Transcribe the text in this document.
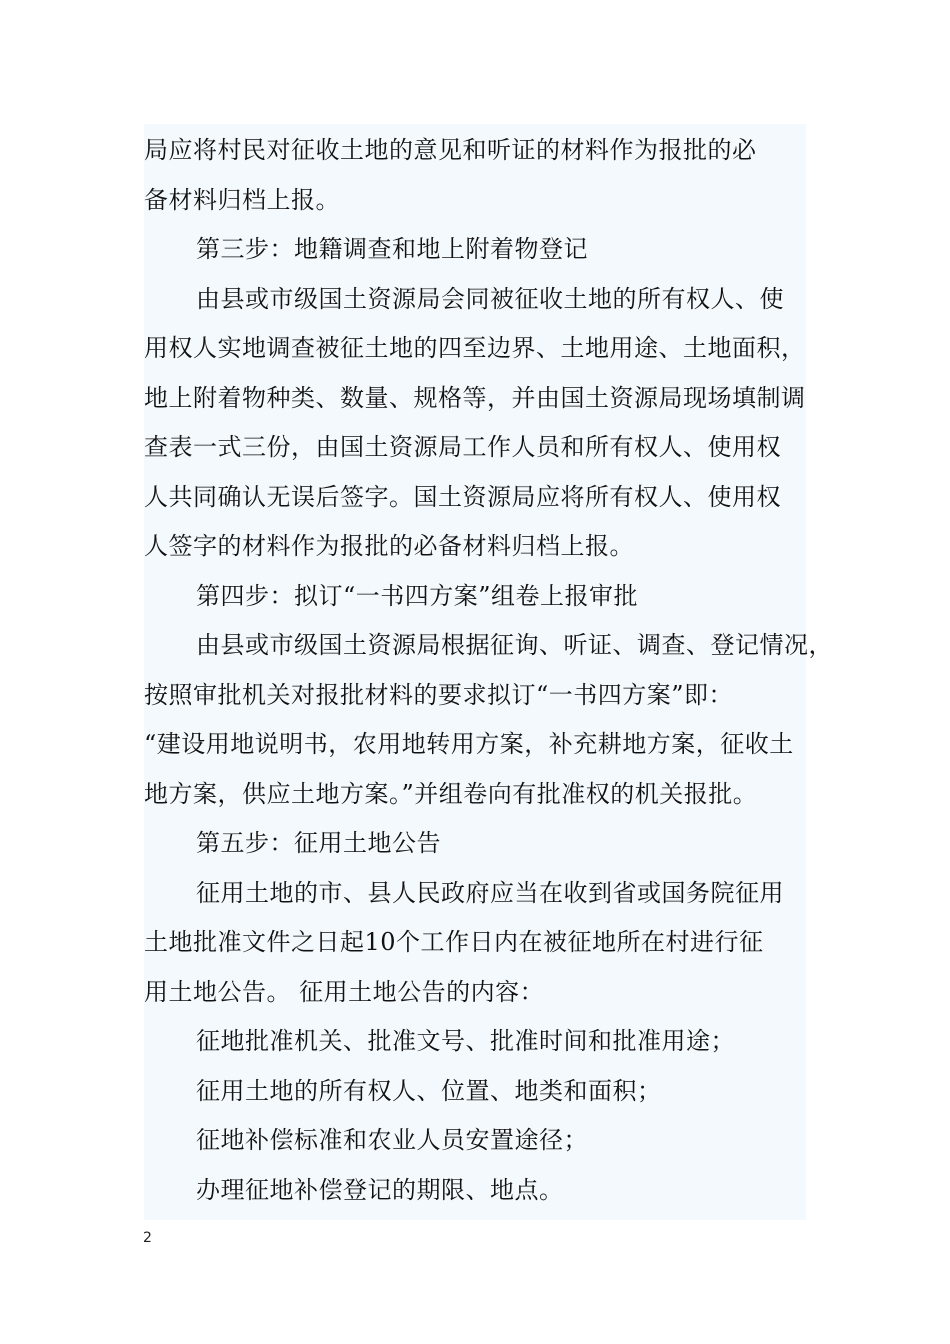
局应将村民对征收土地的意见和听证的材料作为报批的必
备材料归档上报。
第三步：地籍调查和地上附着物登记
由县或市级国土资源局会同被征收土地的所有权人、使
用权人实地调查被征土地的四至边界、土地用途、土地面积，
地上附着物种类、数量、规格等，并由国土资源局现场填制调
查表一式三份，由国土资源局工作人员和所有权人、使用权
人共同确认无误后签字。国土资源局应将所有权人、使用权
人签字的材料作为报批的必备材料归档上报。
第四步：拟订“一书四方案”组卷上报审批
由县或市级国土资源局根据征询、听证、调查、登记情况，
按照审批机关对报批材料的要求拟订“一书四方案”即：
“建设用地说明书，农用地转用方案，补充耕地方案，征收土
地方案，供应土地方案。”并组卷向有批准权的机关报批。
第五步：征用土地公告
征用土地的市、县人民政府应当在收到省或国务院征用
土地批准文件之日起10个工作日内在被征地所在村进行征
用土地公告。 征用土地公告的内容：
征地批准机关、批准文号、批准时间和批准用途；
征用土地的所有权人、位置、地类和面积；
征地补偿标准和农业人员安置途径；
办理征地补偿登记的期限、地点。
2
